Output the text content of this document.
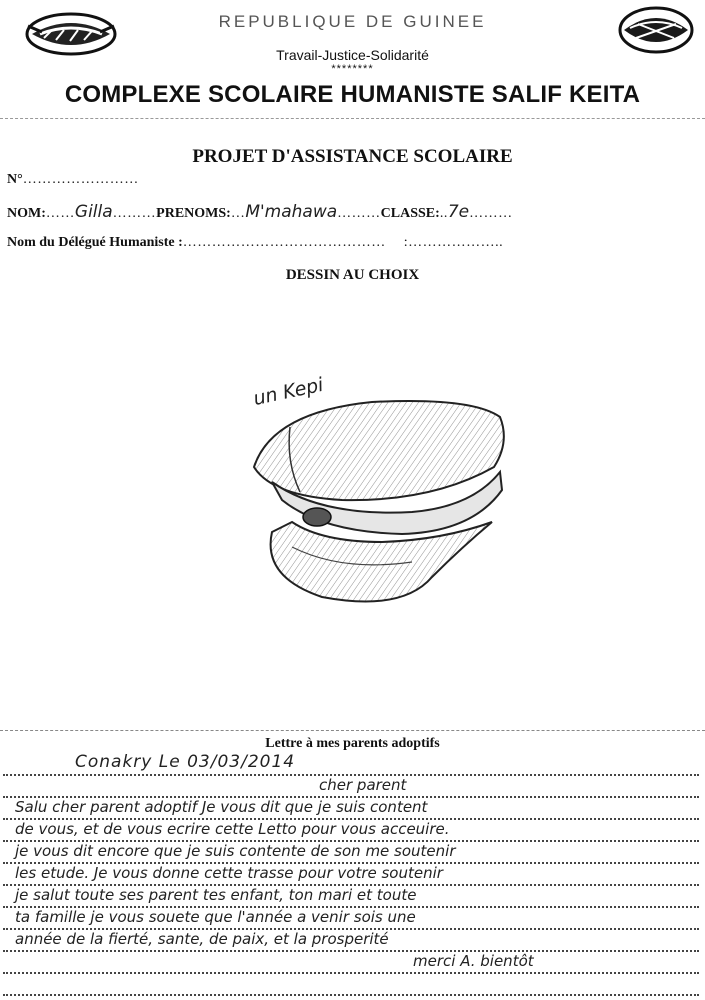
REPUBLIQUE DE GUINEE
Travail-Justice-Solidarité
********
COMPLEXE SCOLAIRE HUMANISTE SALIF KEITA
PROJET D'ASSISTANCE SCOLAIRE
N°……………………
NOM:……Gilla………PRENOMS:…M'mahawa………CLASSE:..7e………
Nom du Délégué Humaniste :…………………………………… :………………..
DESSIN AU CHOIX
un Kepi
Lettre à mes parents adoptifs
Conakry Le 03/03/2014
cher parent
Salu cher parent adoptif Je vous dit que je suis content
de vous, et de vous ecrire cette Letto pour vous acceuire.
je vous dit encore que je suis contente de son me soutenir
les etude. Je vous donne cette trasse pour votre soutenir
je salut toute ses parent tes enfant, ton mari et toute
ta famille je vous souete que l'année a venir sois une
année de la fierté, sante, de paix, et la prosperité
merci A. bientôt
